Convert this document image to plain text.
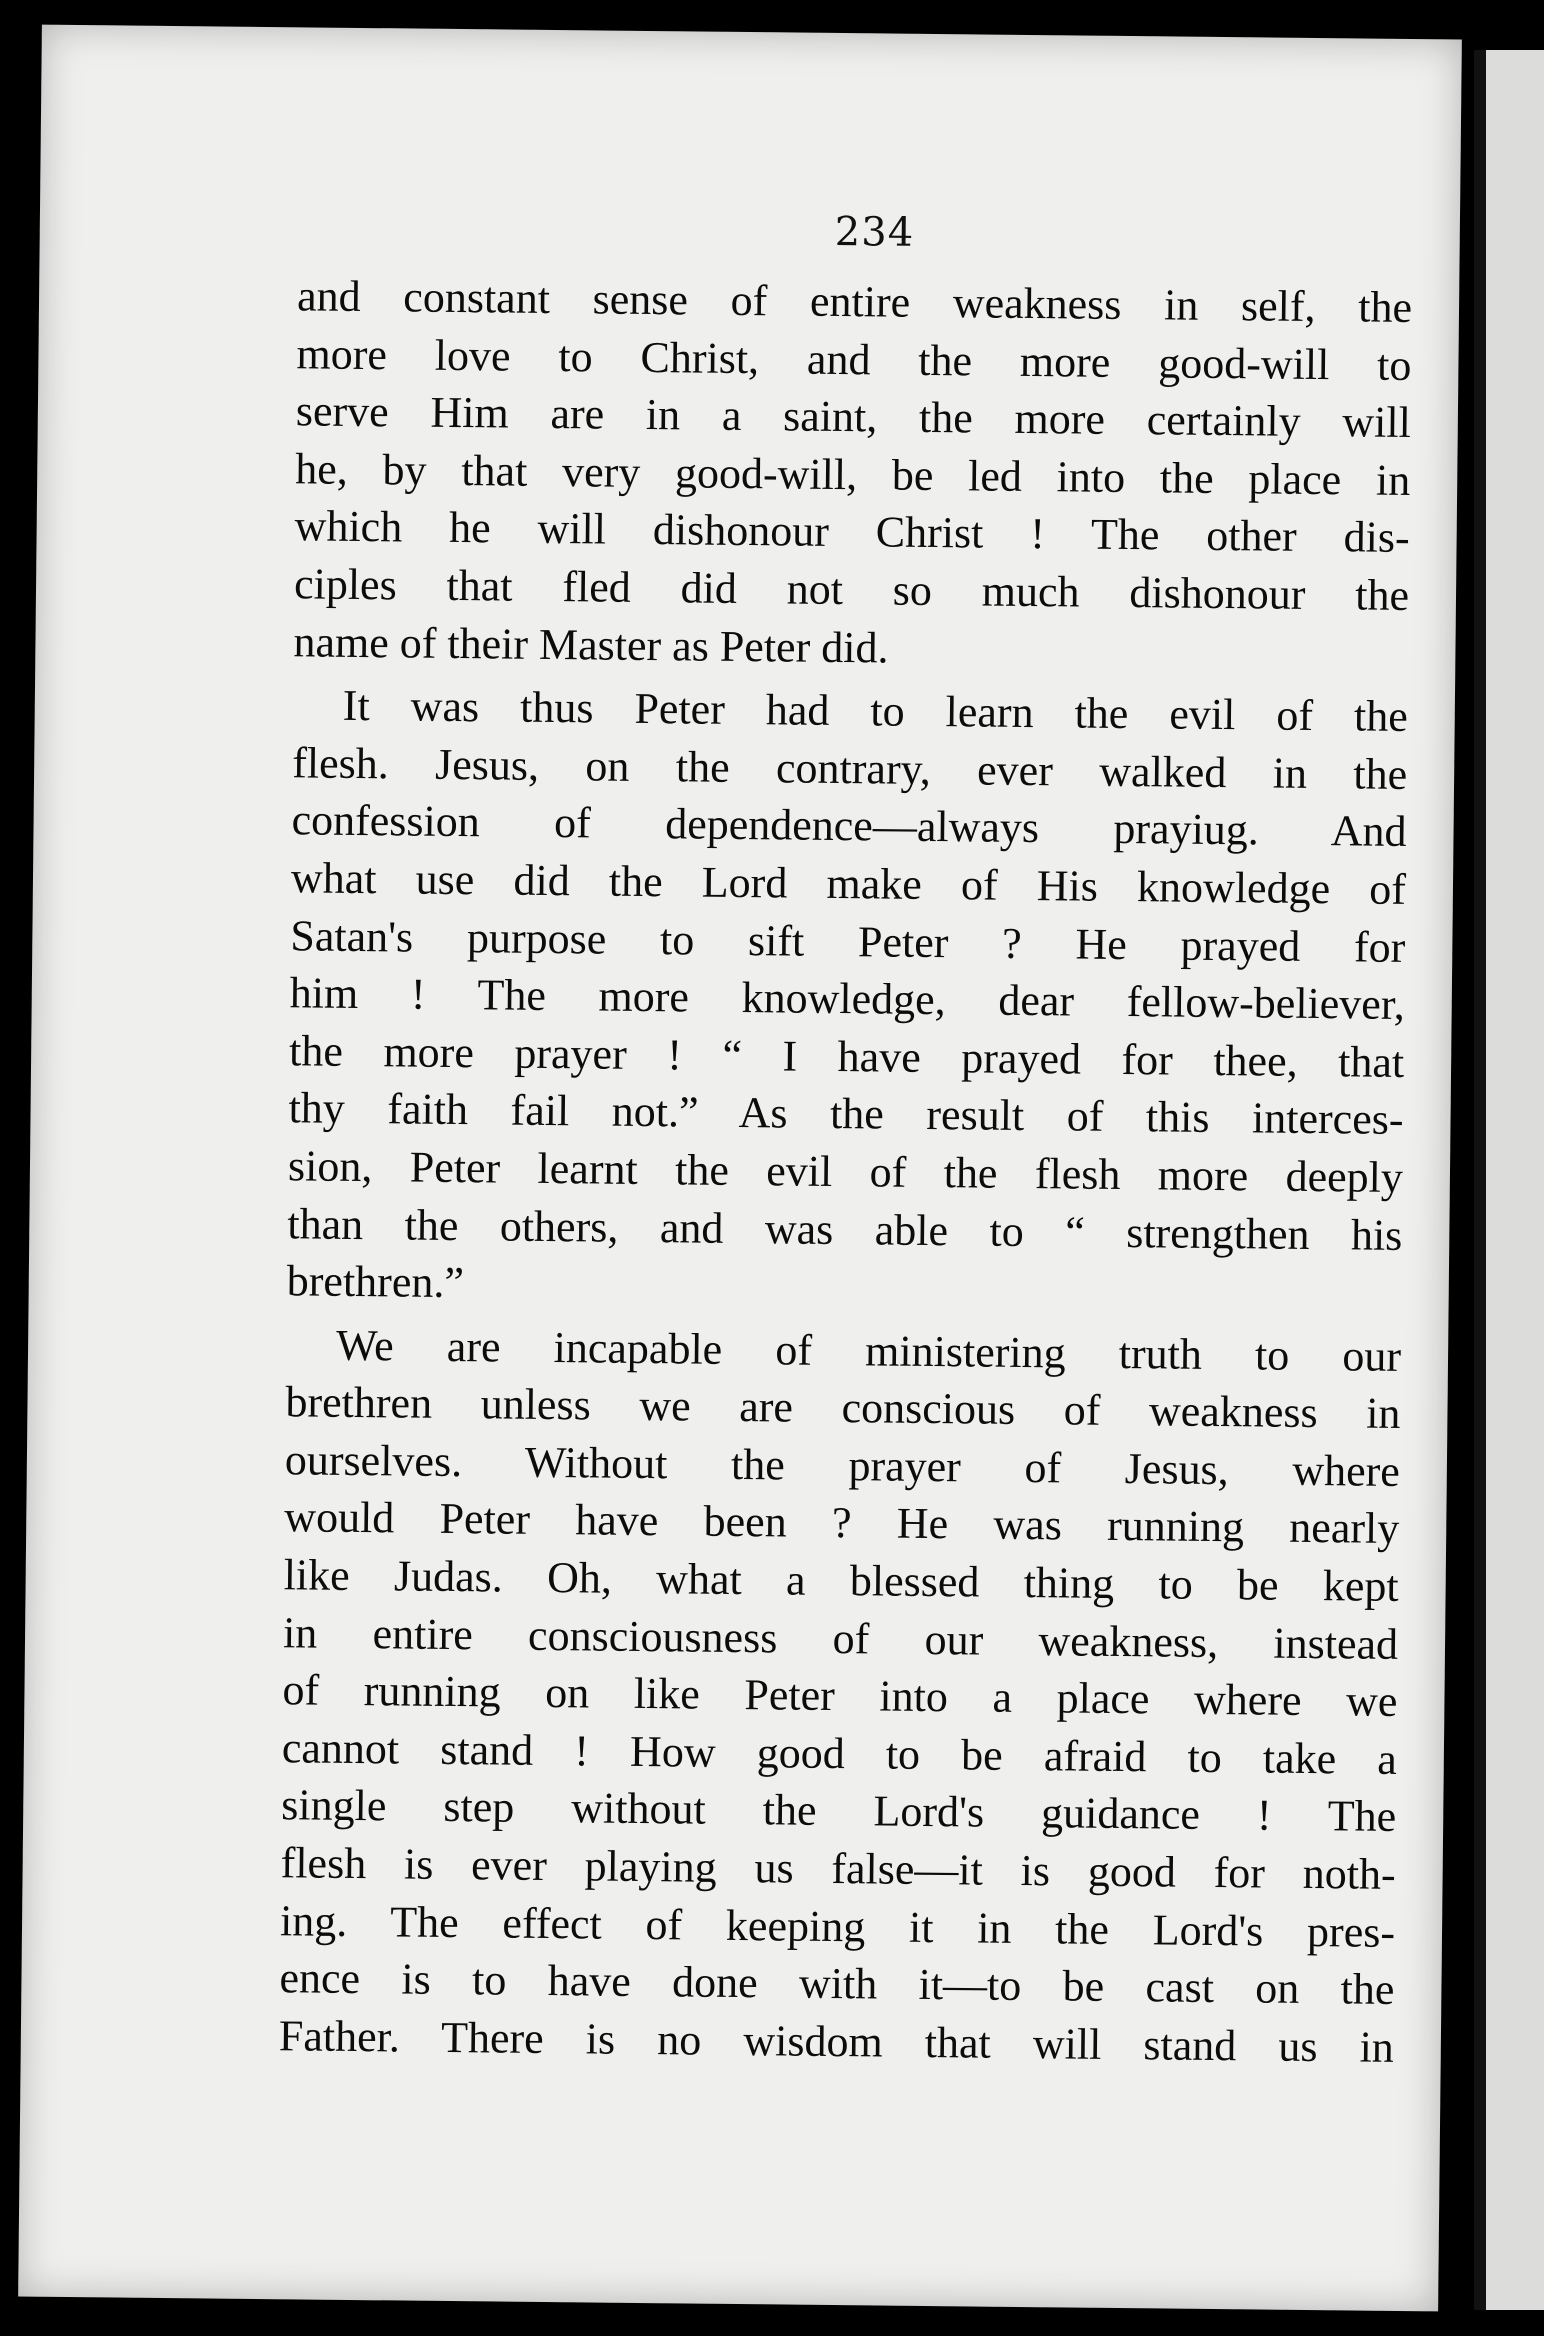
234
and constant sense of entire weakness in self, the
more love to Christ, and the more good-will to
serve Him are in a saint, the more certainly will
he, by that very good-will, be led into the place in
which he will dishonour Christ ! The other dis-
ciples that fled did not so much dishonour the
name of their Master as Peter did.
It was thus Peter had to learn the evil of the
flesh. Jesus, on the contrary, ever walked in the
confession of dependence—always prayiug. And
what use did the Lord make of His knowledge of
Satan's purpose to sift Peter ? He prayed for
him ! The more knowledge, dear fellow-believer,
the more prayer ! “ I have prayed for thee, that
thy faith fail not.” As the result of this interces-
sion, Peter learnt the evil of the flesh more deeply
than the others, and was able to “ strengthen his
brethren.”
We are incapable of ministering truth to our
brethren unless we are conscious of weakness in
ourselves. Without the prayer of Jesus, where
would Peter have been ? He was running nearly
like Judas. Oh, what a blessed thing to be kept
in entire consciousness of our weakness, instead
of running on like Peter into a place where we
cannot stand ! How good to be afraid to take a
single step without the Lord's guidance ! The
flesh is ever playing us false—it is good for noth-
ing. The effect of keeping it in the Lord's pres-
ence is to have done with it—to be cast on the
Father. There is no wisdom that will stand us in
